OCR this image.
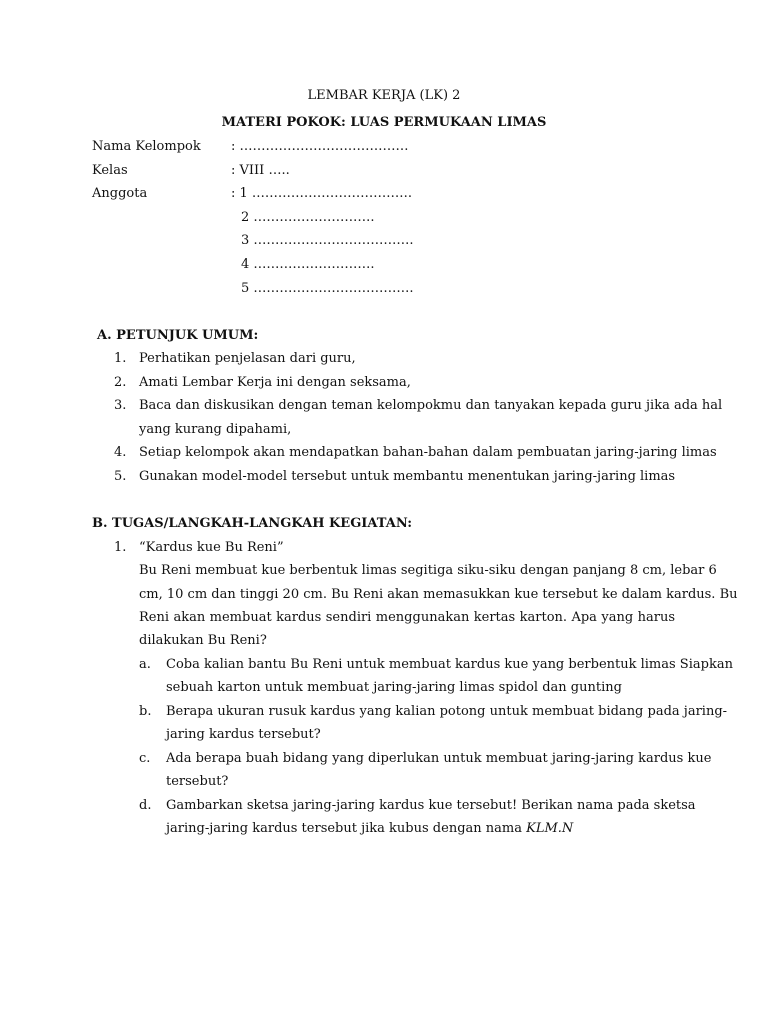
LEMBAR KERJA (LK) 2
MATERI POKOK: LUAS PERMUKAAN LIMAS
Nama Kelompok : …………………………………
Kelas	: VIII …..
Anggota	: 1 ……………………………….
2 ……………………….
3 ……………………………….
4 ……………………….
5 ……………………………….
A. PETUNJUK UMUM:
1. Perhatikan penjelasan dari guru,
2. Amati Lembar Kerja ini dengan seksama,
3. Baca dan diskusikan dengan teman kelompokmu dan tanyakan kepada guru jika ada hal
yang kurang dipahami,
4. Setiap kelompok akan mendapatkan bahan-bahan dalam pembuatan jaring-jaring limas
5. Gunakan model-model tersebut untuk membantu menentukan jaring-jaring limas
B. TUGAS/LANGKAH-LANGKAH KEGIATAN:
1. “Kardus kue Bu Reni”
Bu Reni membuat kue berbentuk limas segitiga siku-siku dengan panjang 8 cm, lebar 6
cm, 10 cm dan tinggi 20 cm. Bu Reni akan memasukkan kue tersebut ke dalam kardus. Bu
Reni akan membuat kardus sendiri menggunakan kertas karton. Apa yang harus
dilakukan Bu Reni?
a. Coba kalian bantu Bu Reni untuk membuat kardus kue yang berbentuk limas Siapkan
sebuah karton untuk membuat jaring-jaring limas spidol dan gunting
b. Berapa ukuran rusuk kardus yang kalian potong untuk membuat bidang pada jaring-
jaring kardus tersebut?
c. Ada berapa buah bidang yang diperlukan untuk membuat jaring-jaring kardus kue
tersebut?
d. Gambarkan sketsa jaring-jaring kardus kue tersebut! Berikan nama pada sketsa
jaring-jaring kardus tersebut jika kubus dengan nama KLM.N
